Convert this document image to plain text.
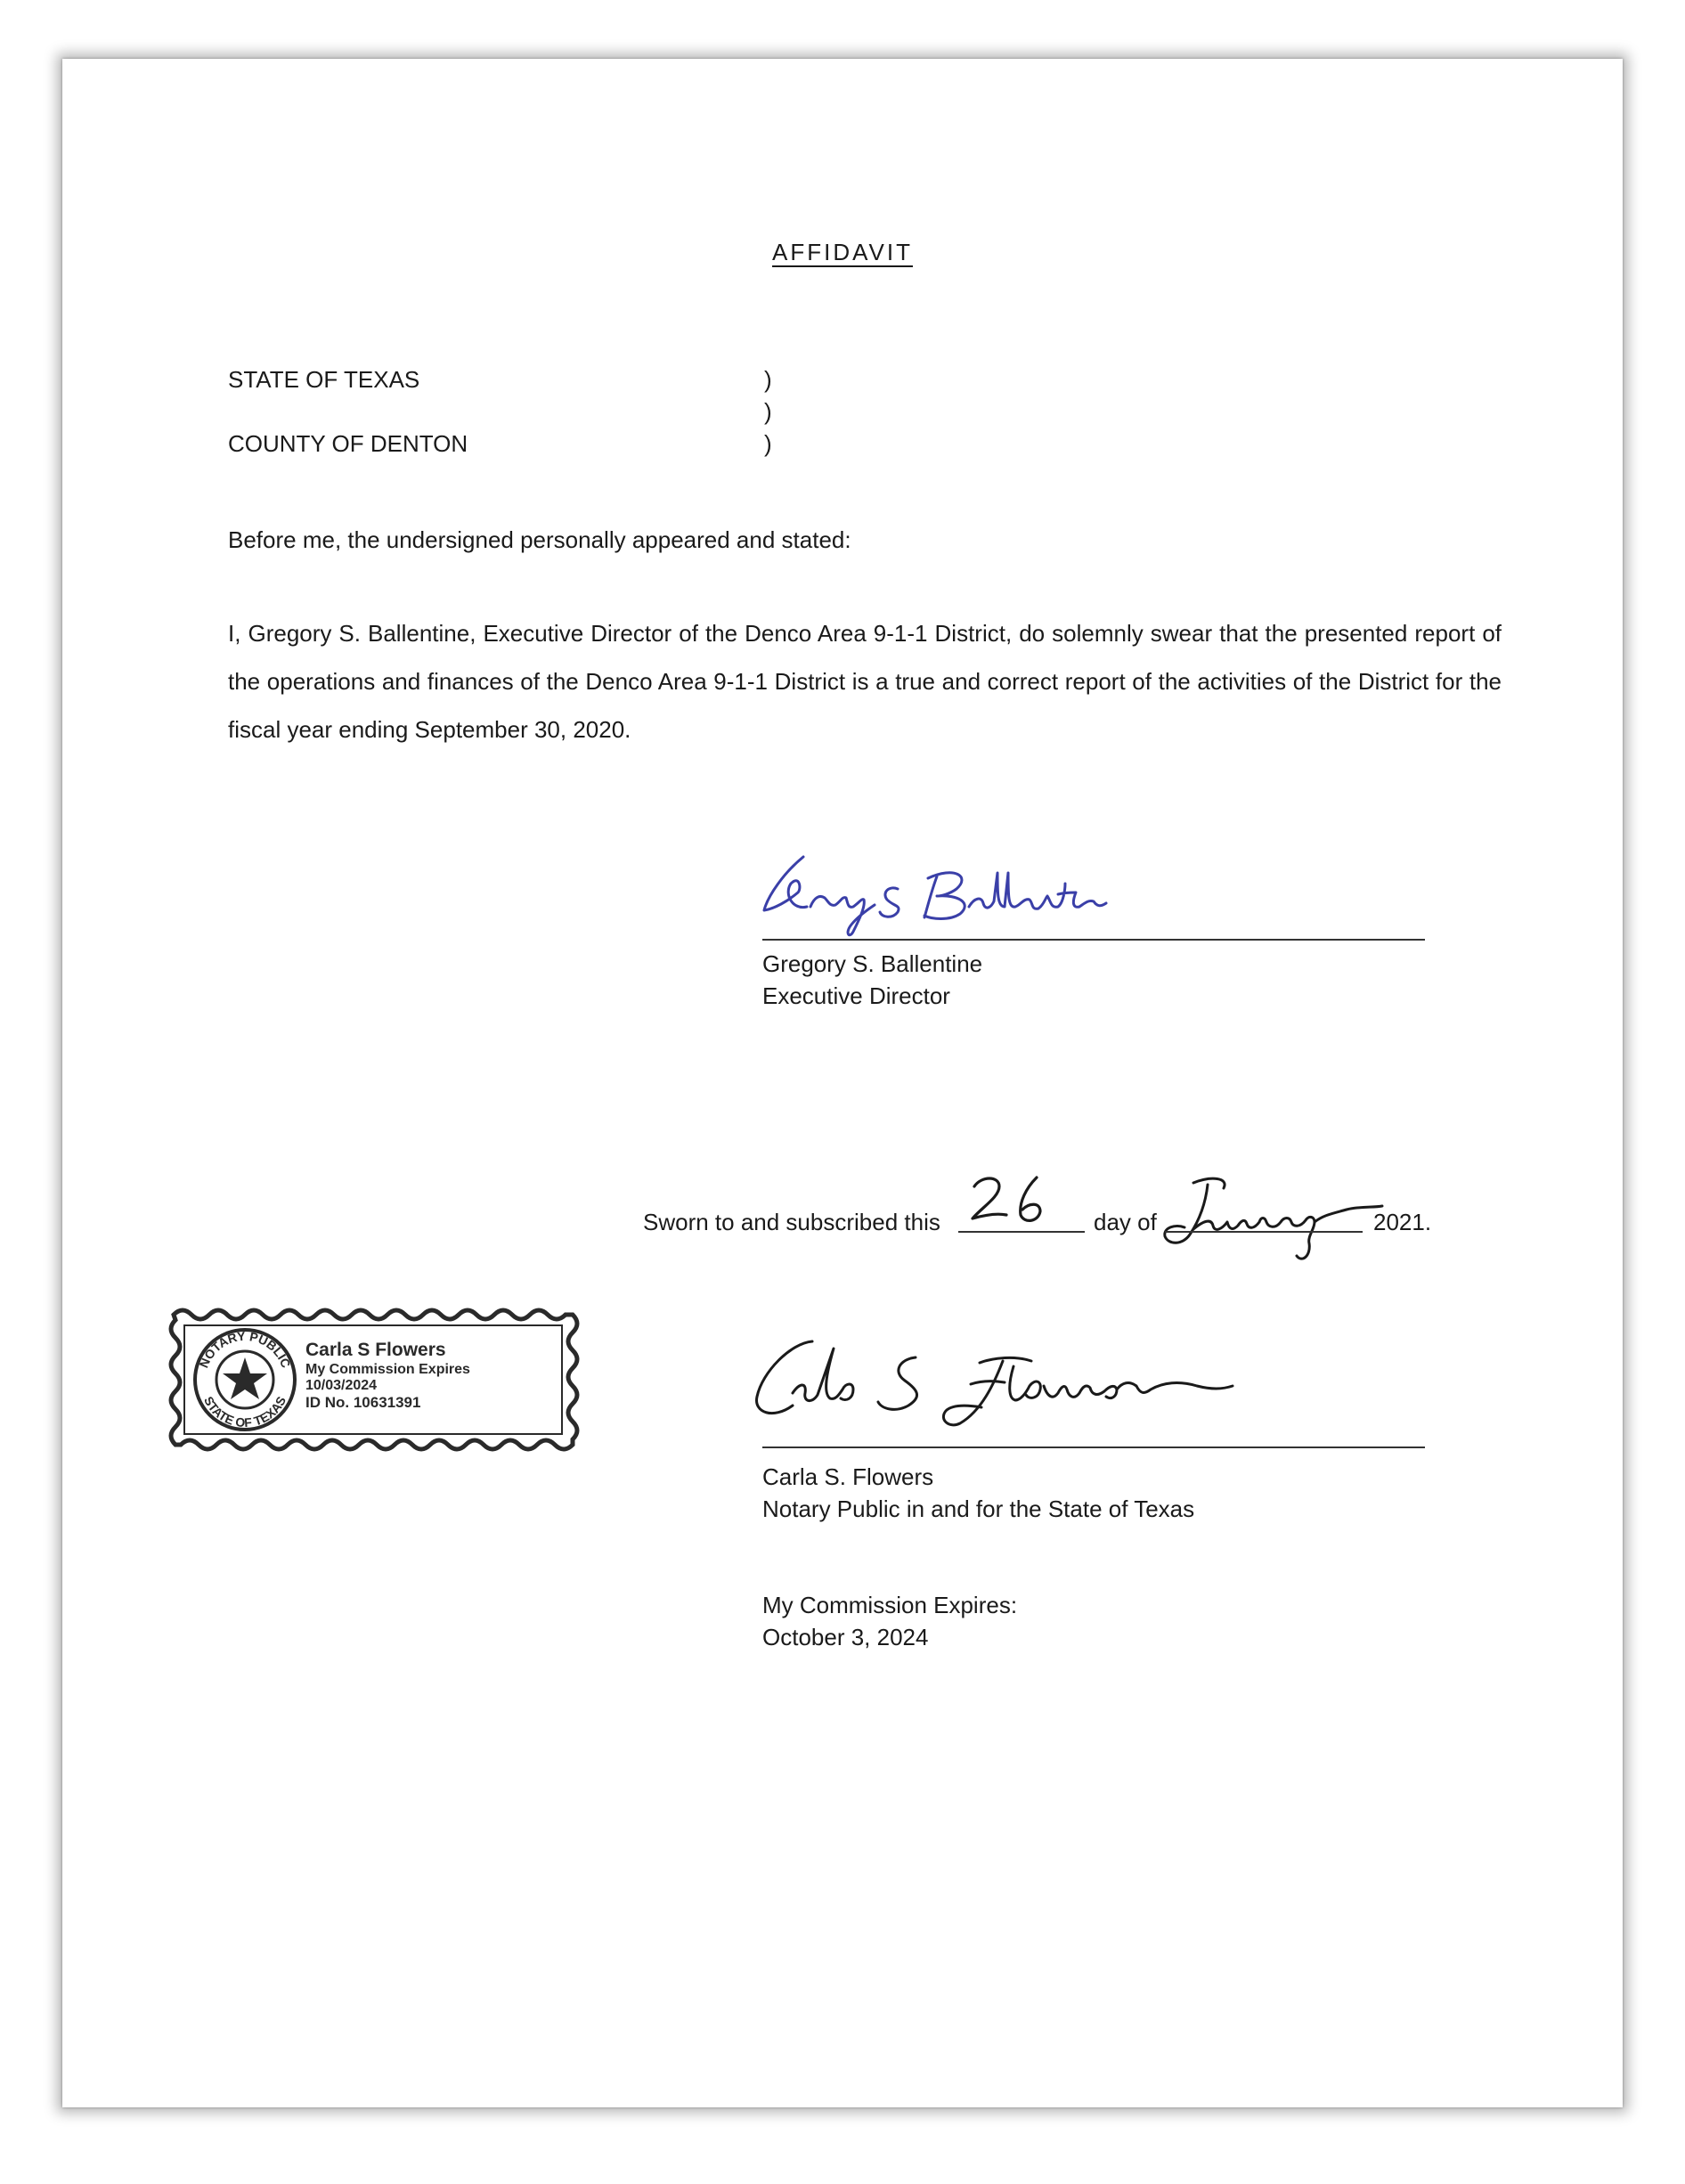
AFFIDAVIT
STATE OF TEXAS
COUNTY OF DENTON
)
)
)
Before me, the undersigned personally appeared and stated:
I, Gregory S. Ballentine, Executive Director of the Denco Area 9-1-1 District, do solemnly swear that the presented report of the operations and finances of the Denco Area 9-1-1 District is a true and correct report of the activities of the District for the fiscal year ending September 30, 2020.
Gregory S. Ballentine
Executive Director
Sworn to and subscribed this	day of	2021.
NOTARY PUBLIC
STATE OF TEXAS
Carla S Flowers
My Commission Expires
10/03/2024
ID No. 10631391
Carla S. Flowers
Notary Public in and for the State of Texas
My Commission Expires:
October 3, 2024
